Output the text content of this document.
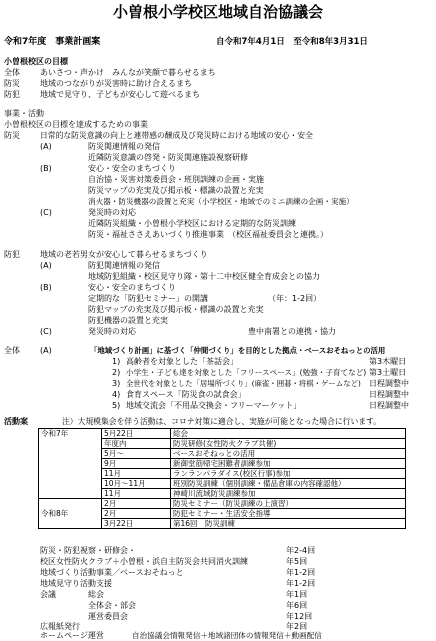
小曽根小学校区地域自治協議会
令和7年度　事業計画案	自令和7年4月1日　至令和8年3月31日
小曽根校区の目標
全体	あいさつ・声かけ　みんなが笑顔で暮らせるまち
防災	地域のつながりが災害時に助け合えるまち
防犯	地域で見守り、子どもが安心して遊べるまち
事業・活動
小曽根校区の目標を達成するための事業
防災	日常的な防災意識の向上と連帯感の醸成及び発災時における地域の安心・安全
(A)	防災関連情報の発信
近隣防災意識の啓発・防災関連施設視察研修
(B)	安心・安全のまちづくり
自治協・災害対策委員会・班別訓練の企画・実施
防災マップの充実及び掲示板・標識の設置と充実
消火器・防災機器の設置と充実（小学校区・地域でのミニ訓練の企画・実施）
(C)	発災時の対応
近隣防災組織・小曽根小学校区における定期的な防災訓練
防災・福祉ささえあいづくり推進事業　（校区福祉委員会と連携。）
防犯	地域の老若男女が安心して暮らせるまちづくり
(A)	防犯関連情報の発信
地域防犯組織・校区見守り隊・第十二中校区健全育成会との協力
(B)	安心・安全のまちづくり
定期的な「防犯セミナー」の開講	（年：1-2回）
防犯マップの充実及び掲示板・標識の設置と充実
防犯機器の設置と充実
(C)	発災時の対応	豊中南署との連携・協力
全体	(A)	「地域づくり計画」に基づく「仲間づくり」を目的とした拠点・ベースおそねっとの活用
1) 高齢者を対象とした「茶話会」	第3木曜日
2) 小学生・子ども達を対象とした「フリースペース」(勉強・子育てなど) 第3土曜日
3) 全世代を対象とした「居場所づくり」(麻雀・囲碁・将棋・ゲームなど) 日程調整中
4) 食育スペース「防災食の試食会」	日程調整中
5) 地域交流会「不用品交換会・フリーマーケット」	日程調整中
活動案	注）大規模集会を伴う活動は、コロナ対策に適合し、実施が可能となった場合に行います。
令和7年	5月22日	総会
	年度内	防災研修(女性防火クラブ共催)
	5月～	ベースおそねっとの活用
	9月	新御堂筋帰宅困難者訓練参加
	11月	ランランパラダイス(校区行事)参加
	10月～11月	班別防災訓練（個別訓練・備品倉庫の内容確認他）
	11月	神崎川流域防災訓練参加
令和8年	2月	防災セミナー（防災訓練の上演習）
	2月	防犯セミナー・生活安全指導
	3月22日	第16回　防災訓練
防災・防犯視察・研修会・	年2-4回
校区女性防火クラブ＋小曽根・浜自主防災会共同消火訓練	年5回
地域づくり活動事業／ベースおそねっと	年1-2回
地域見守り活動支援	年1-2回
会議	総会	年1回
全体会・部会	年6回
運営委員会	年12回
広報紙発行	年2回
ホームページ運営	自治協議会情報発信＋地域諸団体の情報発信＋動画配信
